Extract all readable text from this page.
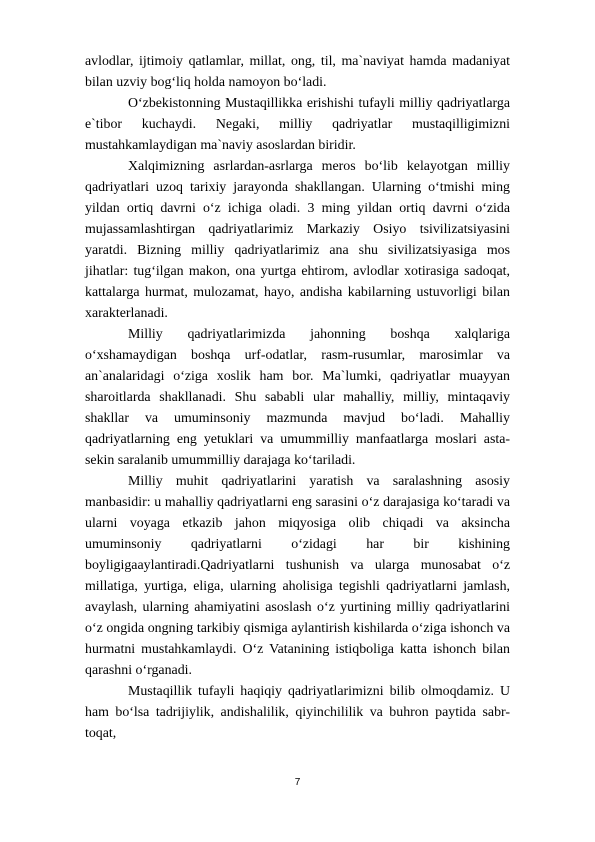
avlodlar, ijtimoiy qatlamlar, millat, ong, til, ma`naviyat hamda madaniyat bilan uzviy bog‘liq holda namoyon bo‘ladi.

O‘zbekistonning Mustaqillikka erishishi tufayli milliy qadriyatlarga e`tibor kuchaydi. Negaki, milliy qadriyatlar mustaqilligimizni mustahkamlaydigan ma`naviy asoslardan biridir.

Xalqimizning asrlardan-asrlarga meros bo‘lib kelayotgan milliy qadriyatlari uzoq tarixiy jarayonda shakllangan. Ularning o‘tmishi ming yildan ortiq davrni o‘z ichiga oladi. 3 ming yildan ortiq davrni o‘zida mujassamlashtirgan qadriyatlarimiz Markaziy Osiyo tsivilizatsiyasini yaratdi. Bizning milliy qadriyatlarimiz ana shu sivilizatsiyasiga mos jihatlar: tug‘ilgan makon, ona yurtga ehtirom, avlodlar xotirasiga sadoqat, kattalarga hurmat, mulozamat, hayo, andisha kabilarning ustuvorligi bilan xarakterlanadi.

Milliy qadriyatlarimizda jahonning boshqa xalqlariga o‘xshamaydigan boshqa urf-odatlar, rasm-rusumlar, marosimlar va an`analaridagi o‘ziga xoslik ham bor. Ma`lumki, qadriyatlar muayyan sharoitlarda shakllanadi. Shu sababli ular mahalliy, milliy, mintaqaviy shakllar va umuminsoniy mazmunda mavjud bo‘ladi. Mahalliy qadriyatlarning eng yetuklari va umummilliy manfaatlarga moslari asta-sekin saralanib umummilliy darajaga ko‘tariladi.

Milliy muhit qadriyatlarini yaratish va saralashning asosiy manbasidir: u mahalliy qadriyatlarni eng sarasini o‘z darajasiga ko‘taradi va ularni voyaga etkazib jahon miqyosiga olib chiqadi va aksincha umuminsoniy qadriyatlarni o‘zidagi har bir kishining boyligigaaylantiradi.Qadriyatlarni tushunish va ularga munosabat o‘z millatiga, yurtiga, eliga, ularning aholisiga tegishli qadriyatlarni jamlash, avaylash, ularning ahamiyatini asoslash o‘z yurtining milliy qadriyatlarini o‘z ongida ongning tarkibiy qismiga aylantirish kishilarda o‘ziga ishonch va hurmatni mustahkamlaydi. O‘z Vatanining istiqboliga katta ishonch bilan qarashni o‘rganadi.

Mustaqillik tufayli haqiqiy qadriyatlarimizni bilib olmoqdamiz. U ham bo‘lsa tadrijiylik, andishalilik, qiyinchililik va buhron paytida sabr-toqat,

7
